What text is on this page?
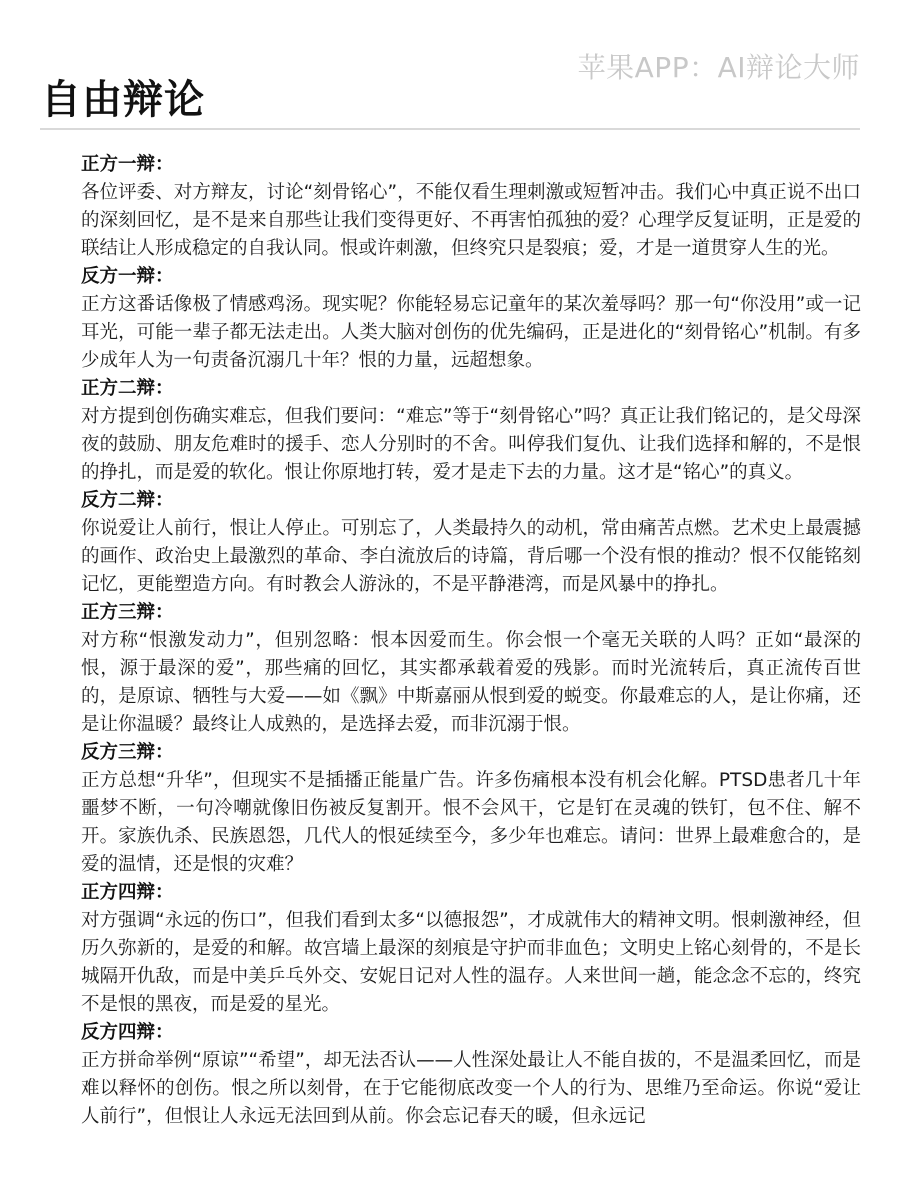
苹果APP：AI辩论大师
自由辩论
正方一辩：

各位评委、对方辩友，讨论“刻骨铭心”，不能仅看生理刺激或短暂冲击。我们心中真正说不出口的深刻回忆，是不是来自那些让我们变得更好、不再害怕孤独的爱？心理学反复证明，正是爱的联结让人形成稳定的自我认同。恨或许刺激，但终究只是裂痕；爱，才是一道贯穿人生的光。

反方一辩：

正方这番话像极了情感鸡汤。现实呢？你能轻易忘记童年的某次羞辱吗？那一句“你没用”或一记耳光，可能一辈子都无法走出。人类大脑对创伤的优先编码，正是进化的“刻骨铭心”机制。有多少成年人为一句责备沉溺几十年？恨的力量，远超想象。

正方二辩：

对方提到创伤确实难忘，但我们要问：“难忘”等于“刻骨铭心”吗？真正让我们铭记的，是父母深夜的鼓励、朋友危难时的援手、恋人分别时的不舍。叫停我们复仇、让我们选择和解的，不是恨的挣扎，而是爱的软化。恨让你原地打转，爱才是走下去的力量。这才是“铭心”的真义。

反方二辩：

你说爱让人前行，恨让人停止。可别忘了，人类最持久的动机，常由痛苦点燃。艺术史上最震撼的画作、政治史上最激烈的革命、李白流放后的诗篇，背后哪一个没有恨的推动？恨不仅能铭刻记忆，更能塑造方向。有时教会人游泳的，不是平静港湾，而是风暴中的挣扎。

正方三辩：

对方称“恨激发动力”，但别忽略：恨本因爱而生。你会恨一个毫无关联的人吗？正如“最深的恨，源于最深的爱”，那些痛的回忆，其实都承载着爱的残影。而时光流转后，真正流传百世的，是原谅、牺牲与大爱——如《飘》中斯嘉丽从恨到爱的蜕变。你最难忘的人，是让你痛，还是让你温暖？最终让人成熟的，是选择去爱，而非沉溺于恨。

反方三辩：

正方总想“升华”，但现实不是插播正能量广告。许多伤痛根本没有机会化解。PTSD患者几十年噩梦不断，一句冷嘲就像旧伤被反复割开。恨不会风干，它是钉在灵魂的铁钉，包不住、解不开。家族仇杀、民族恩怨，几代人的恨延续至今，多少年也难忘。请问：世界上最难愈合的，是爱的温情，还是恨的灾难？

正方四辩：

对方强调“永远的伤口”，但我们看到太多“以德报怨”，才成就伟大的精神文明。恨刺激神经，但历久弥新的，是爱的和解。故宫墙上最深的刻痕是守护而非血色；文明史上铭心刻骨的，不是长城隔开仇敌，而是中美乒乓外交、安妮日记对人性的温存。人来世间一趟，能念念不忘的，终究不是恨的黑夜，而是爱的星光。

反方四辩：

正方拼命举例“原谅”“希望”，却无法否认——人性深处最让人不能自拔的，不是温柔回忆，而是难以释怀的创伤。恨之所以刻骨，在于它能彻底改变一个人的行为、思维乃至命运。你说“爱让人前行”，但恨让人永远无法回到从前。你会忘记春天的暖，但永远记
